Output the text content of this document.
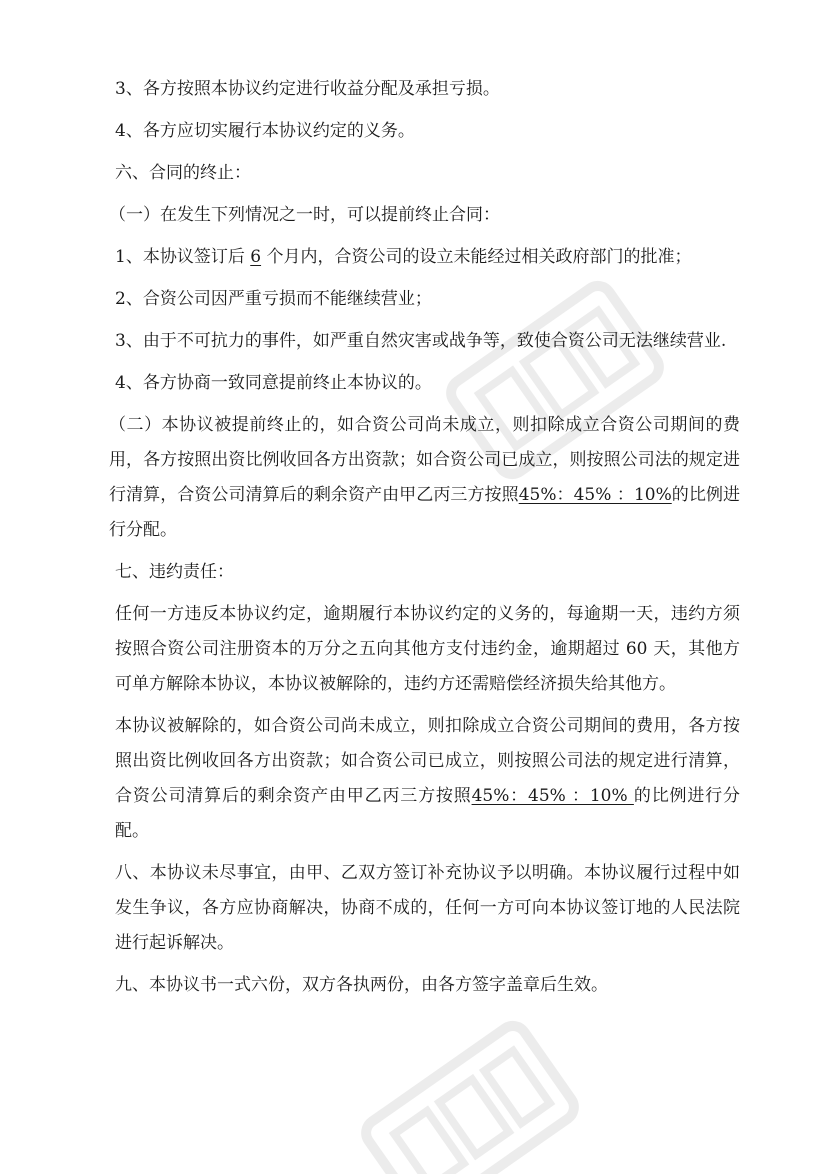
3、各方按照本协议约定进行收益分配及承担亏损。

4、各方应切实履行本协议约定的义务。

六、合同的终止：

（一）在发生下列情况之一时，可以提前终止合同：

1、本协议签订后 6 个月内，合资公司的设立未能经过相关政府部门的批准；

2、合资公司因严重亏损而不能继续营业；

3、由于不可抗力的事件，如严重自然灾害或战争等，致使合资公司无法继续营业.

4、各方协商一致同意提前终止本协议的。

（二）本协议被提前终止的，如合资公司尚未成立，则扣除成立合资公司期间的费用，各方按照出资比例收回各方出资款；如合资公司已成立，则按照公司法的规定进行清算，合资公司清算后的剩余资产由甲乙丙三方按照45%：45% ：10%的比例进行分配。

七、违约责任：

任何一方违反本协议约定，逾期履行本协议约定的义务的，每逾期一天，违约方须按照合资公司注册资本的万分之五向其他方支付违约金，逾期超过 60 天，其他方可单方解除本协议，本协议被解除的，违约方还需赔偿经济损失给其他方。

本协议被解除的，如合资公司尚未成立，则扣除成立合资公司期间的费用，各方按照出资比例收回各方出资款；如合资公司已成立，则按照公司法的规定进行清算，合资公司清算后的剩余资产由甲乙丙三方按照45%：45% ：10% 的比例进行分配。

八、本协议未尽事宜，由甲、乙双方签订补充协议予以明确。本协议履行过程中如发生争议，各方应协商解决，协商不成的，任何一方可向本协议签订地的人民法院进行起诉解决。

九、本协议书一式六份，双方各执两份，由各方签字盖章后生效。
